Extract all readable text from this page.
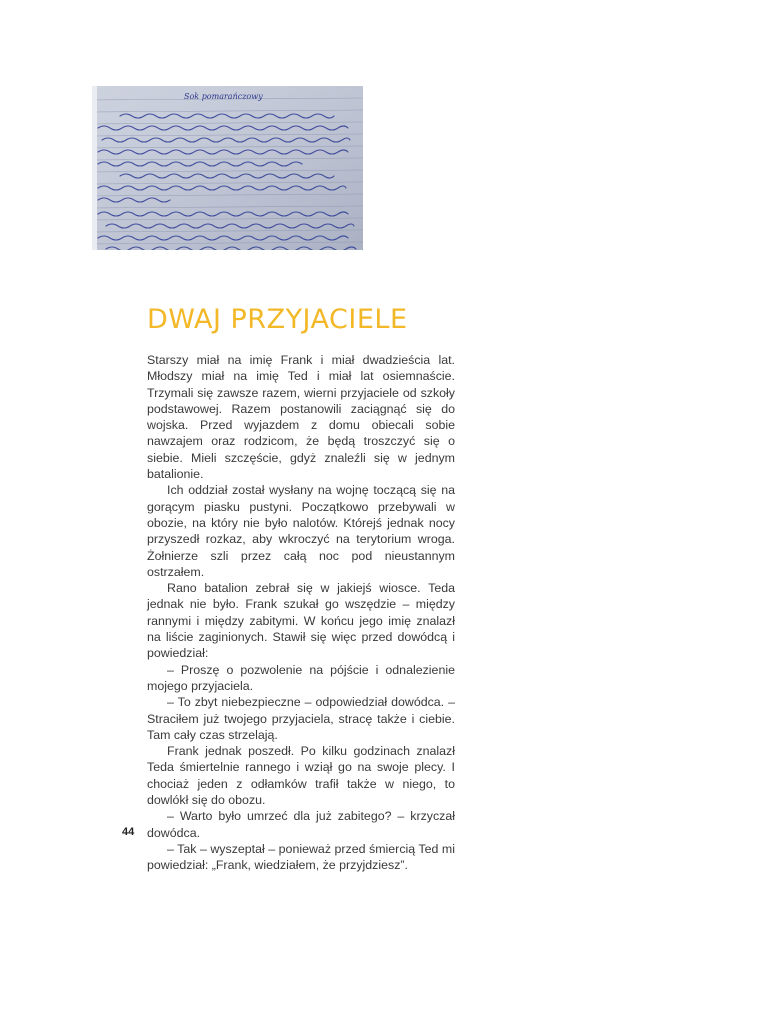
Sok pomarańczowy
DWAJ PRZYJACIELE

Starszy miał na imię Frank i miał dwadzieścia lat. Młodszy miał na imię Ted i miał lat osiemnaście. Trzymali się zawsze razem, wierni przyjaciele od szkoły podstawowej. Razem postanowili zaciągnąć się do wojska. Przed wyjazdem z domu obiecali sobie nawzajem oraz rodzicom, że będą troszczyć się o siebie. Mieli szczęście, gdyż znaleźli się w jednym batalionie.

Ich oddział został wysłany na wojnę toczącą się na gorącym piasku pustyni. Początkowo przebywali w obozie, na który nie było nalotów. Którejś jednak nocy przyszedł rozkaz, aby wkroczyć na terytorium wroga. Żołnierze szli przez całą noc pod nieustannym ostrzałem.

Rano batalion zebrał się w jakiejś wiosce. Teda jednak nie było. Frank szukał go wszędzie – między rannymi i między zabitymi. W końcu jego imię znalazł na liście zaginionych. Stawił się więc przed dowódcą i powiedział:

– Proszę o pozwolenie na pójście i odnalezienie mojego przyjaciela.

– To zbyt niebezpieczne – odpowiedział dowódca. – Straciłem już twojego przyjaciela, stracę także i ciebie. Tam cały czas strzelają.

Frank jednak poszedł. Po kilku godzinach znalazł Teda śmiertelnie rannego i wziął go na swoje plecy. I chociaż jeden z odłamków trafił także w niego, to dowlókł się do obozu.

– Warto było umrzeć dla już zabitego? – krzyczał dowódca.

– Tak – wyszeptał – ponieważ przed śmiercią Ted mi powiedział: „Frank, wiedziałem, że przyjdziesz”.

44
